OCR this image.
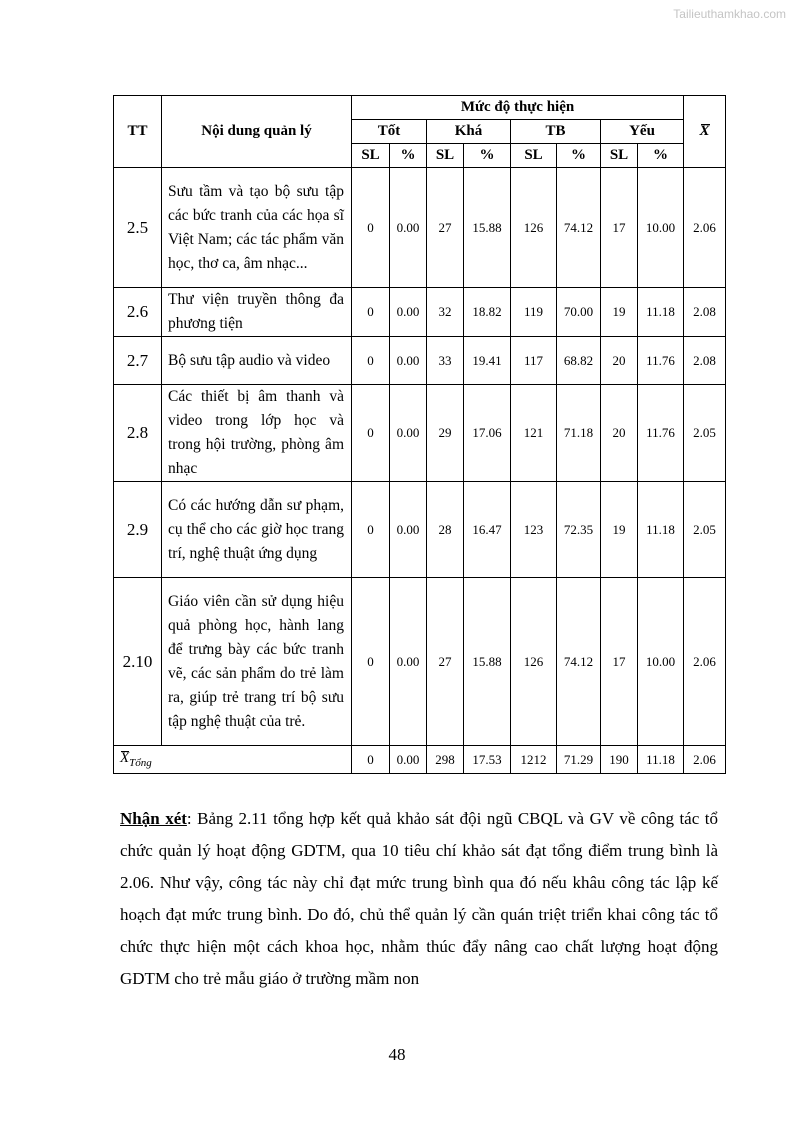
Tailieuthamkhao.com
TT	Nội dung quản lý	Mức độ thực hiện								X
		Tốt		Khá		TB		Yếu		
		SL	%	SL	%	SL	%	SL	%	
2.5	Sưu tầm và tạo bộ sưu tập các bức tranh của các họa sĩ Việt Nam; các tác phẩm văn học, thơ ca, âm nhạc...	0	0.00	27	15.88	126	74.12	17	10.00	2.06
2.6	Thư viện truyền thông đa phương tiện	0	0.00	32	18.82	119	70.00	19	11.18	2.08
2.7	Bộ sưu tập audio và video	0	0.00	33	19.41	117	68.82	20	11.76	2.08
2.8	Các thiết bị âm thanh và video trong lớp học và trong hội trường, phòng âm nhạc	0	0.00	29	17.06	121	71.18	20	11.76	2.05
2.9	Có các hướng dẫn sư phạm, cụ thể cho các giờ học trang trí, nghệ thuật ứng dụng	0	0.00	28	16.47	123	72.35	19	11.18	2.05
2.10	Giáo viên cần sử dụng hiệu quả phòng học, hành lang để trưng bày các bức tranh vẽ, các sản phẩm do trẻ làm ra, giúp trẻ trang trí bộ sưu tập nghệ thuật của trẻ.	0	0.00	27	15.88	126	74.12	17	10.00	2.06
$X_{Tổng}$		0	0.00	298	17.53	1212	71.29	190	11.18	2.06

Nhận xét: Bảng 2.11 tổng hợp kết quả khảo sát đội ngũ CBQL và GV về công tác tổ chức quản lý hoạt động GDTM, qua 10 tiêu chí khảo sát đạt tổng điểm trung bình là 2.06. Như vậy, công tác này chỉ đạt mức trung bình qua đó nếu khâu công tác lập kế hoạch đạt mức trung bình. Do đó, chủ thể quản lý cần quán triệt triển khai công tác tổ chức thực hiện một cách khoa học, nhằm thúc đẩy nâng cao chất lượng hoạt động GDTM cho trẻ mẫu giáo ở trường mầm non

48
